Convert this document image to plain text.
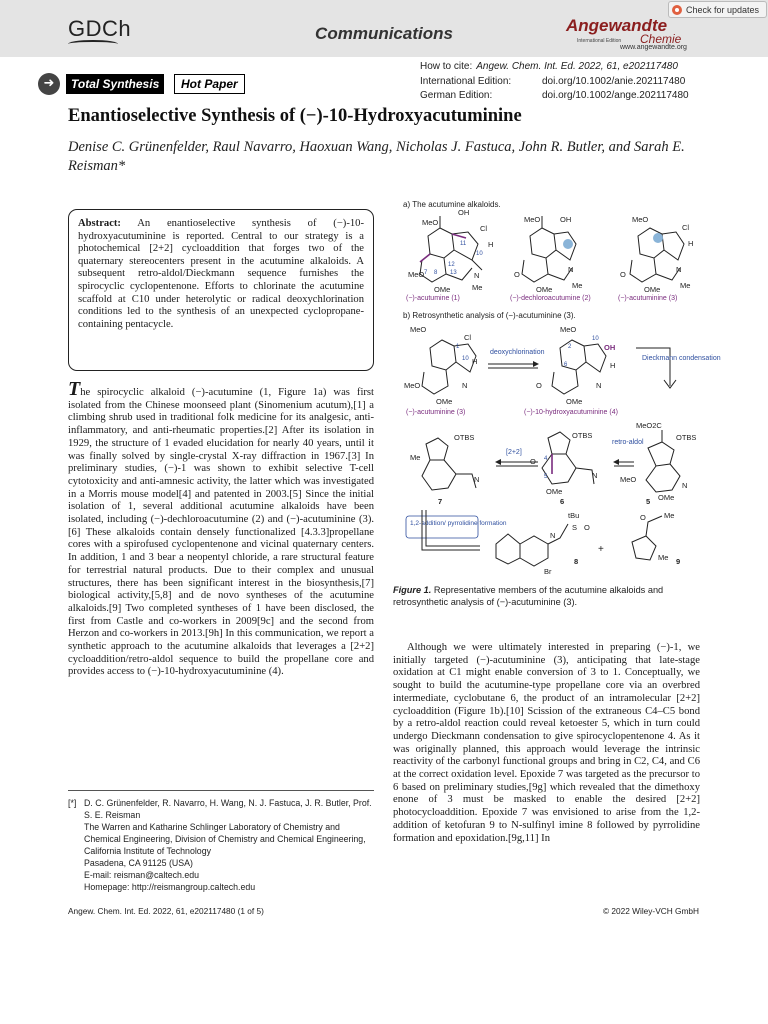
GDCh	Communications	Angewandte
International Edition Chemie
www.angewandte.org
Check for updates
➜	Total Synthesis	Hot Paper
How to cite: Angew. Chem. Int. Ed. 2022, 61, e202117480
International Edition:	doi.org/10.1002/anie.202117480
German Edition:	doi.org/10.1002/ange.202117480
Enantioselective Synthesis of (−)-10-Hydroxyacutuminine
Denise C. Grünenfelder, Raul Navarro, Haoxuan Wang, Nicholas J. Fastuca, John R. Butler, and Sarah E. Reisman*
Abstract: An enantioselective synthesis of (−)-10-hydroxyacutuminine is reported. Central to our strategy is a photochemical [2+2] cycloaddition that forges two of the quaternary stereocenters present in the acutumine alkaloids. A subsequent retro-aldol/Dieckmann sequence furnishes the spirocyclic cyclopentenone. Efforts to chlorinate the acutumine scaffold at C10 under heterolytic or radical deoxychlorination conditions led to the synthesis of an unexpected cyclopropane-containing pentacycle.
The spirocyclic alkaloid (−)-acutumine (1, Figure 1a) was first isolated from the Chinese moonseed plant (Sinomenium acutum),[1] a climbing shrub used in traditional folk medicine for its analgesic, anti-inflammatory, and anti-rheumatic properties.[2] After its isolation in 1929, the structure of 1 evaded elucidation for nearly 40 years, until it was finally solved by single-crystal X-ray diffraction in 1967.[3] In preliminary studies, (−)-1 was shown to exhibit selective T-cell cytotoxicity and anti-amnesic activity, the latter which was investigated in a Morris mouse model[4] and patented in 2003.[5] Since the initial isolation of 1, several additional acutumine alkaloids have been isolated, including (−)-dechloroacutumine (2) and (−)-acutuminine (3).[6] These alkaloids contain densely functionalized [4.3.3]propellane cores with a spirofused cyclopentenone and vicinal quaternary centers. In addition, 1 and 3 bear a neopentyl chloride, a rare structural feature for terrestrial natural products. Due to their complex and unusual structures, there has been significant interest in the biosynthesis,[7] biological activity,[5,8] and de novo syntheses of the acutumine alkaloids.[9] Two completed syntheses of 1 have been disclosed, the first from Castle and co-workers in 2009[9c] and the second from Herzon and co-workers in 2013.[9h] In this communication, we report a synthetic approach to the acutumine alkaloids that leverages a [2+2] cycloaddition/retro-aldol sequence to build the propellane core and provides access to (−)-10-hydroxyacutuminine (4).
[*] D. C. Grünenfelder, R. Navarro, H. Wang, N. J. Fastuca, J. R. Butler, Prof. S. E. Reisman
The Warren and Katharine Schlinger Laboratory of Chemistry and Chemical Engineering, Division of Chemistry and Chemical Engineering, California Institute of Technology
Pasadena, CA 91125 (USA)
E-mail: reisman@caltech.edu
Homepage: http://reismangroup.caltech.edu
a) The acutumine alkaloids.
MeO
OH
Cl
H
MeO	N
OMe	Me
11
10
12
7 8 13
(−)-acutumine (1)
MeO	OH
O
N
OMe	Me
(−)-dechloroacutumine (2)
MeO
Cl
H
O
N
OMe	Me
(−)-acutuminine (3)
b) Retrosynthetic analysis of (−)-acutuminine (3).
MeO
Cl
H
MeO
OMe
N
1
10
(−)-acutuminine (3)
deoxychlorination
MeO
OH
H
O
OMe
N
2
6
10
(−)-10-hydroxyacutuminine (4)
Dieckmann condensation
OTBS
Me
N
7
[2+2]
OTBS
O
N
OMe
4
5
6
retro-aldol
MeO2C
OTBS
MeO
OMe
N
5
1,2-addition/ pyrrolidine formation
tBu
S O
N
Br
8
+
Me
O
Me 9
Figure 1. Representative members of the acutumine alkaloids and retrosynthetic analysis of (−)-acutuminine (3).
Although we were ultimately interested in preparing (−)-1, we initially targeted (−)-acutuminine (3), anticipating that late-stage oxidation at C1 might enable conversion of 3 to 1. Conceptually, we sought to build the acutumine-type propellane core via an overbred intermediate, cyclobutane 6, the product of an intramolecular [2+2] cycloaddition (Figure 1b).[10] Scission of the extraneous C4–C5 bond by a retro-aldol reaction could reveal ketoester 5, which in turn could undergo Dieckmann condensation to give spirocyclopentenone 4. As it was originally planned, this approach would leverage the intrinsic reactivity of the carbonyl functional groups and bring in C2, C4, and C6 at the correct oxidation level. Epoxide 7 was targeted as the precursor to 6 based on preliminary studies,[9g] which revealed that the dimethoxy enone of 3 must be masked to enable the desired [2+2] photocycloaddition. Epoxide 7 was envisioned to arise from the 1,2-addition of ketofuran 9 to N-sulfinyl imine 8 followed by pyrrolidine formation and epoxidation.[9g,11] In
Angew. Chem. Int. Ed. 2022, 61, e202117480 (1 of 5)	© 2022 Wiley-VCH GmbH
